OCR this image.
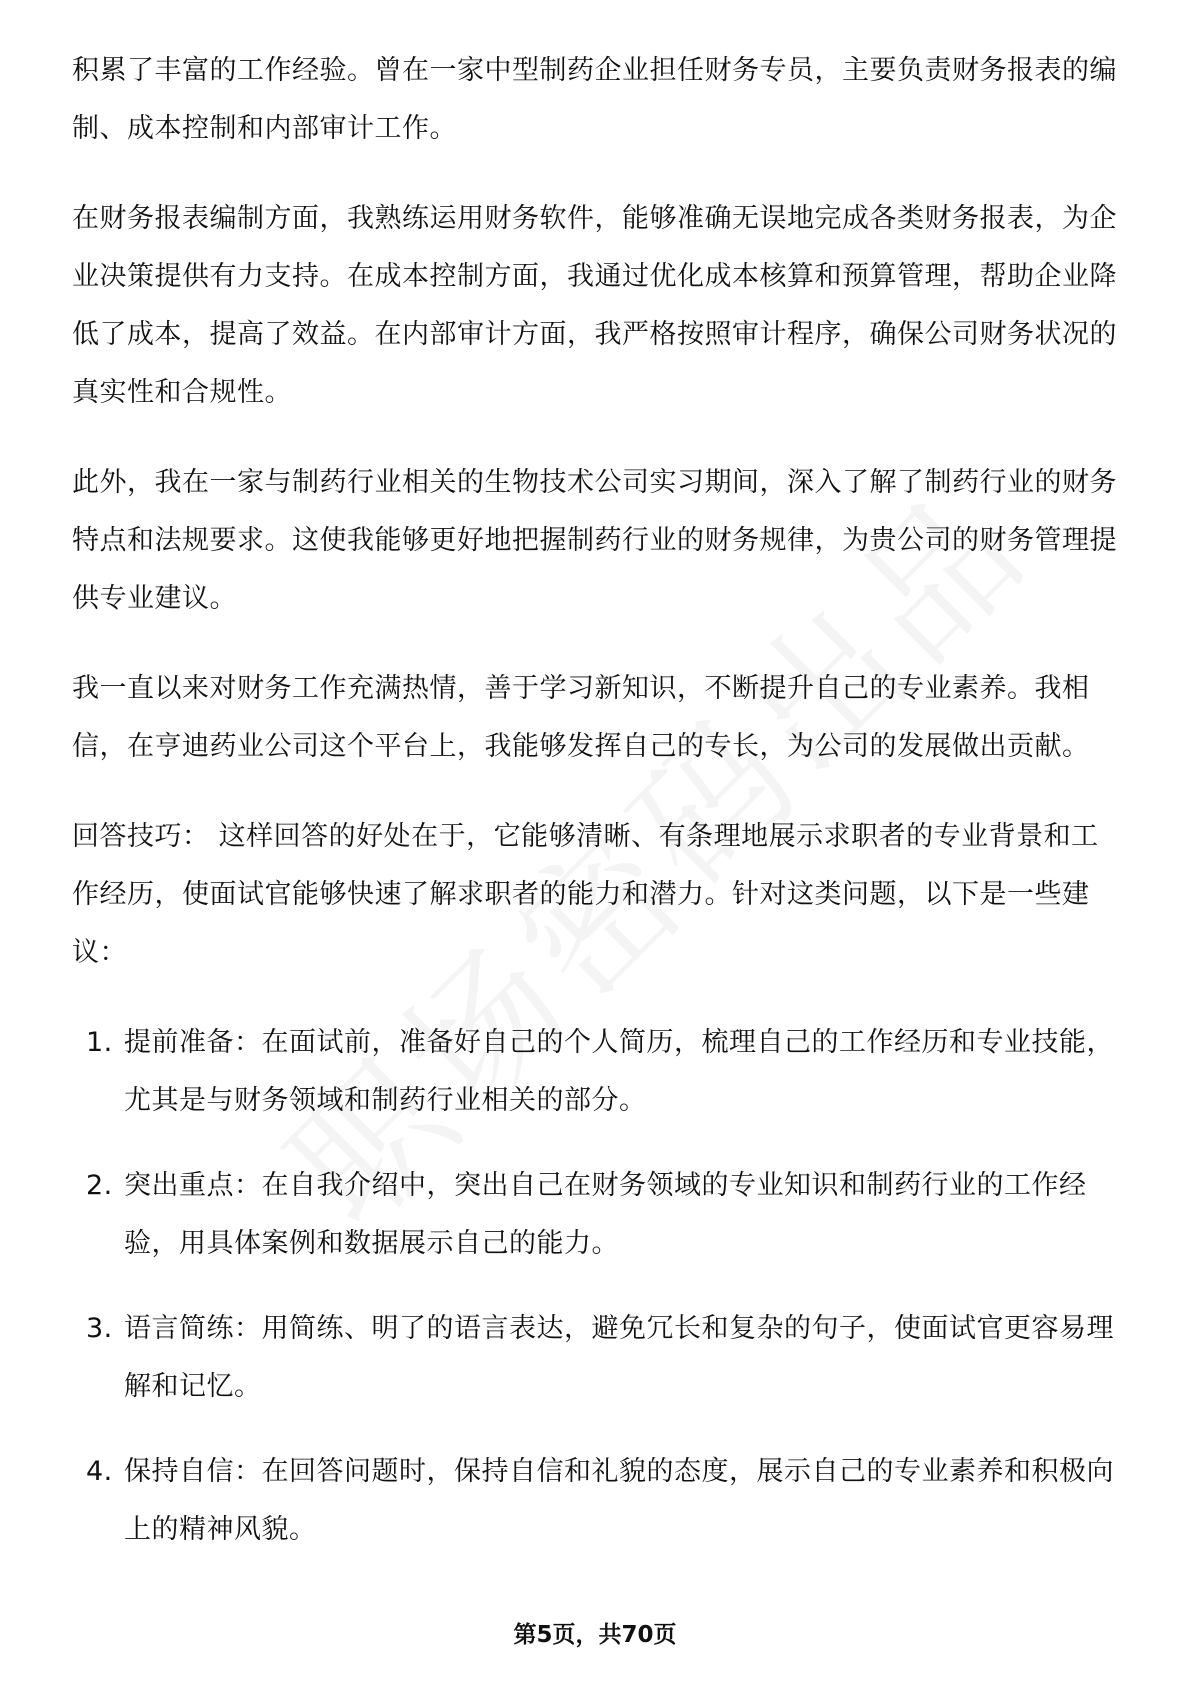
积累了丰富的工作经验。曾在一家中型制药企业担任财务专员，主要负责财务报表的编制、成本控制和内部审计工作。

在财务报表编制方面，我熟练运用财务软件，能够准确无误地完成各类财务报表，为企业决策提供有力支持。在成本控制方面，我通过优化成本核算和预算管理，帮助企业降低了成本，提高了效益。在内部审计方面，我严格按照审计程序，确保公司财务状况的真实性和合规性。

此外，我在一家与制药行业相关的生物技术公司实习期间，深入了解了制药行业的财务特点和法规要求。这使我能够更好地把握制药行业的财务规律，为贵公司的财务管理提供专业建议。

我一直以来对财务工作充满热情，善于学习新知识，不断提升自己的专业素养。我相信，在亨迪药业公司这个平台上，我能够发挥自己的专长，为公司的发展做出贡献。

回答技巧： 这样回答的好处在于，它能够清晰、有条理地展示求职者的专业背景和工作经历，使面试官能够快速了解求职者的能力和潜力。针对这类问题，以下是一些建议：

1. 提前准备：在面试前，准备好自己的个人简历，梳理自己的工作经历和专业技能，尤其是与财务领域和制药行业相关的部分。
2. 突出重点：在自我介绍中，突出自己在财务领域的专业知识和制药行业的工作经验，用具体案例和数据展示自己的能力。
3. 语言简练：用简练、明了的语言表达，避免冗长和复杂的句子，使面试官更容易理解和记忆。
4. 保持自信：在回答问题时，保持自信和礼貌的态度，展示自己的专业素养和积极向上的精神风貌。
第5页，共70页
